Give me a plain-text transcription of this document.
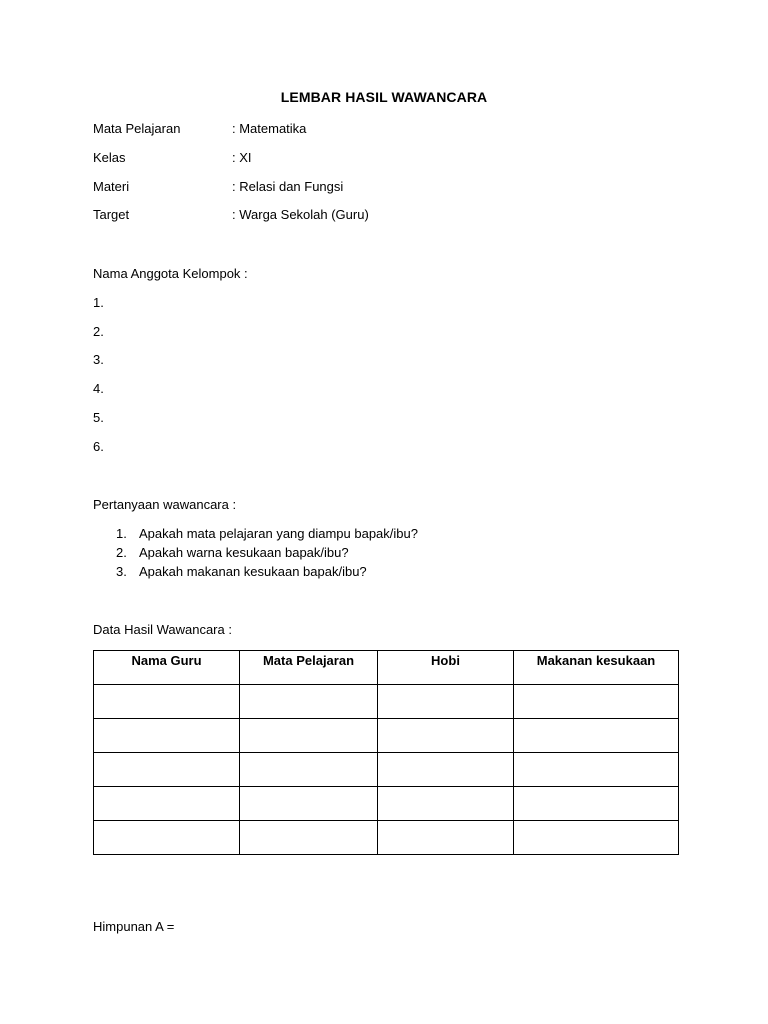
LEMBAR HASIL WAWANCARA
Mata Pelajaran	: Matematika
Kelas	: XI
Materi	: Relasi dan Fungsi
Target	: Warga Sekolah (Guru)
Nama Anggota Kelompok :
1.
2.
3.
4.
5.
6.
Pertanyaan wawancara :
1. Apakah mata pelajaran yang diampu bapak/ibu?
2. Apakah warna kesukaan bapak/ibu?
3. Apakah makanan kesukaan bapak/ibu?
Data Hasil Wawancara :
Nama Guru	Mata Pelajaran	Hobi	Makanan kesukaan

Himpunan A =
